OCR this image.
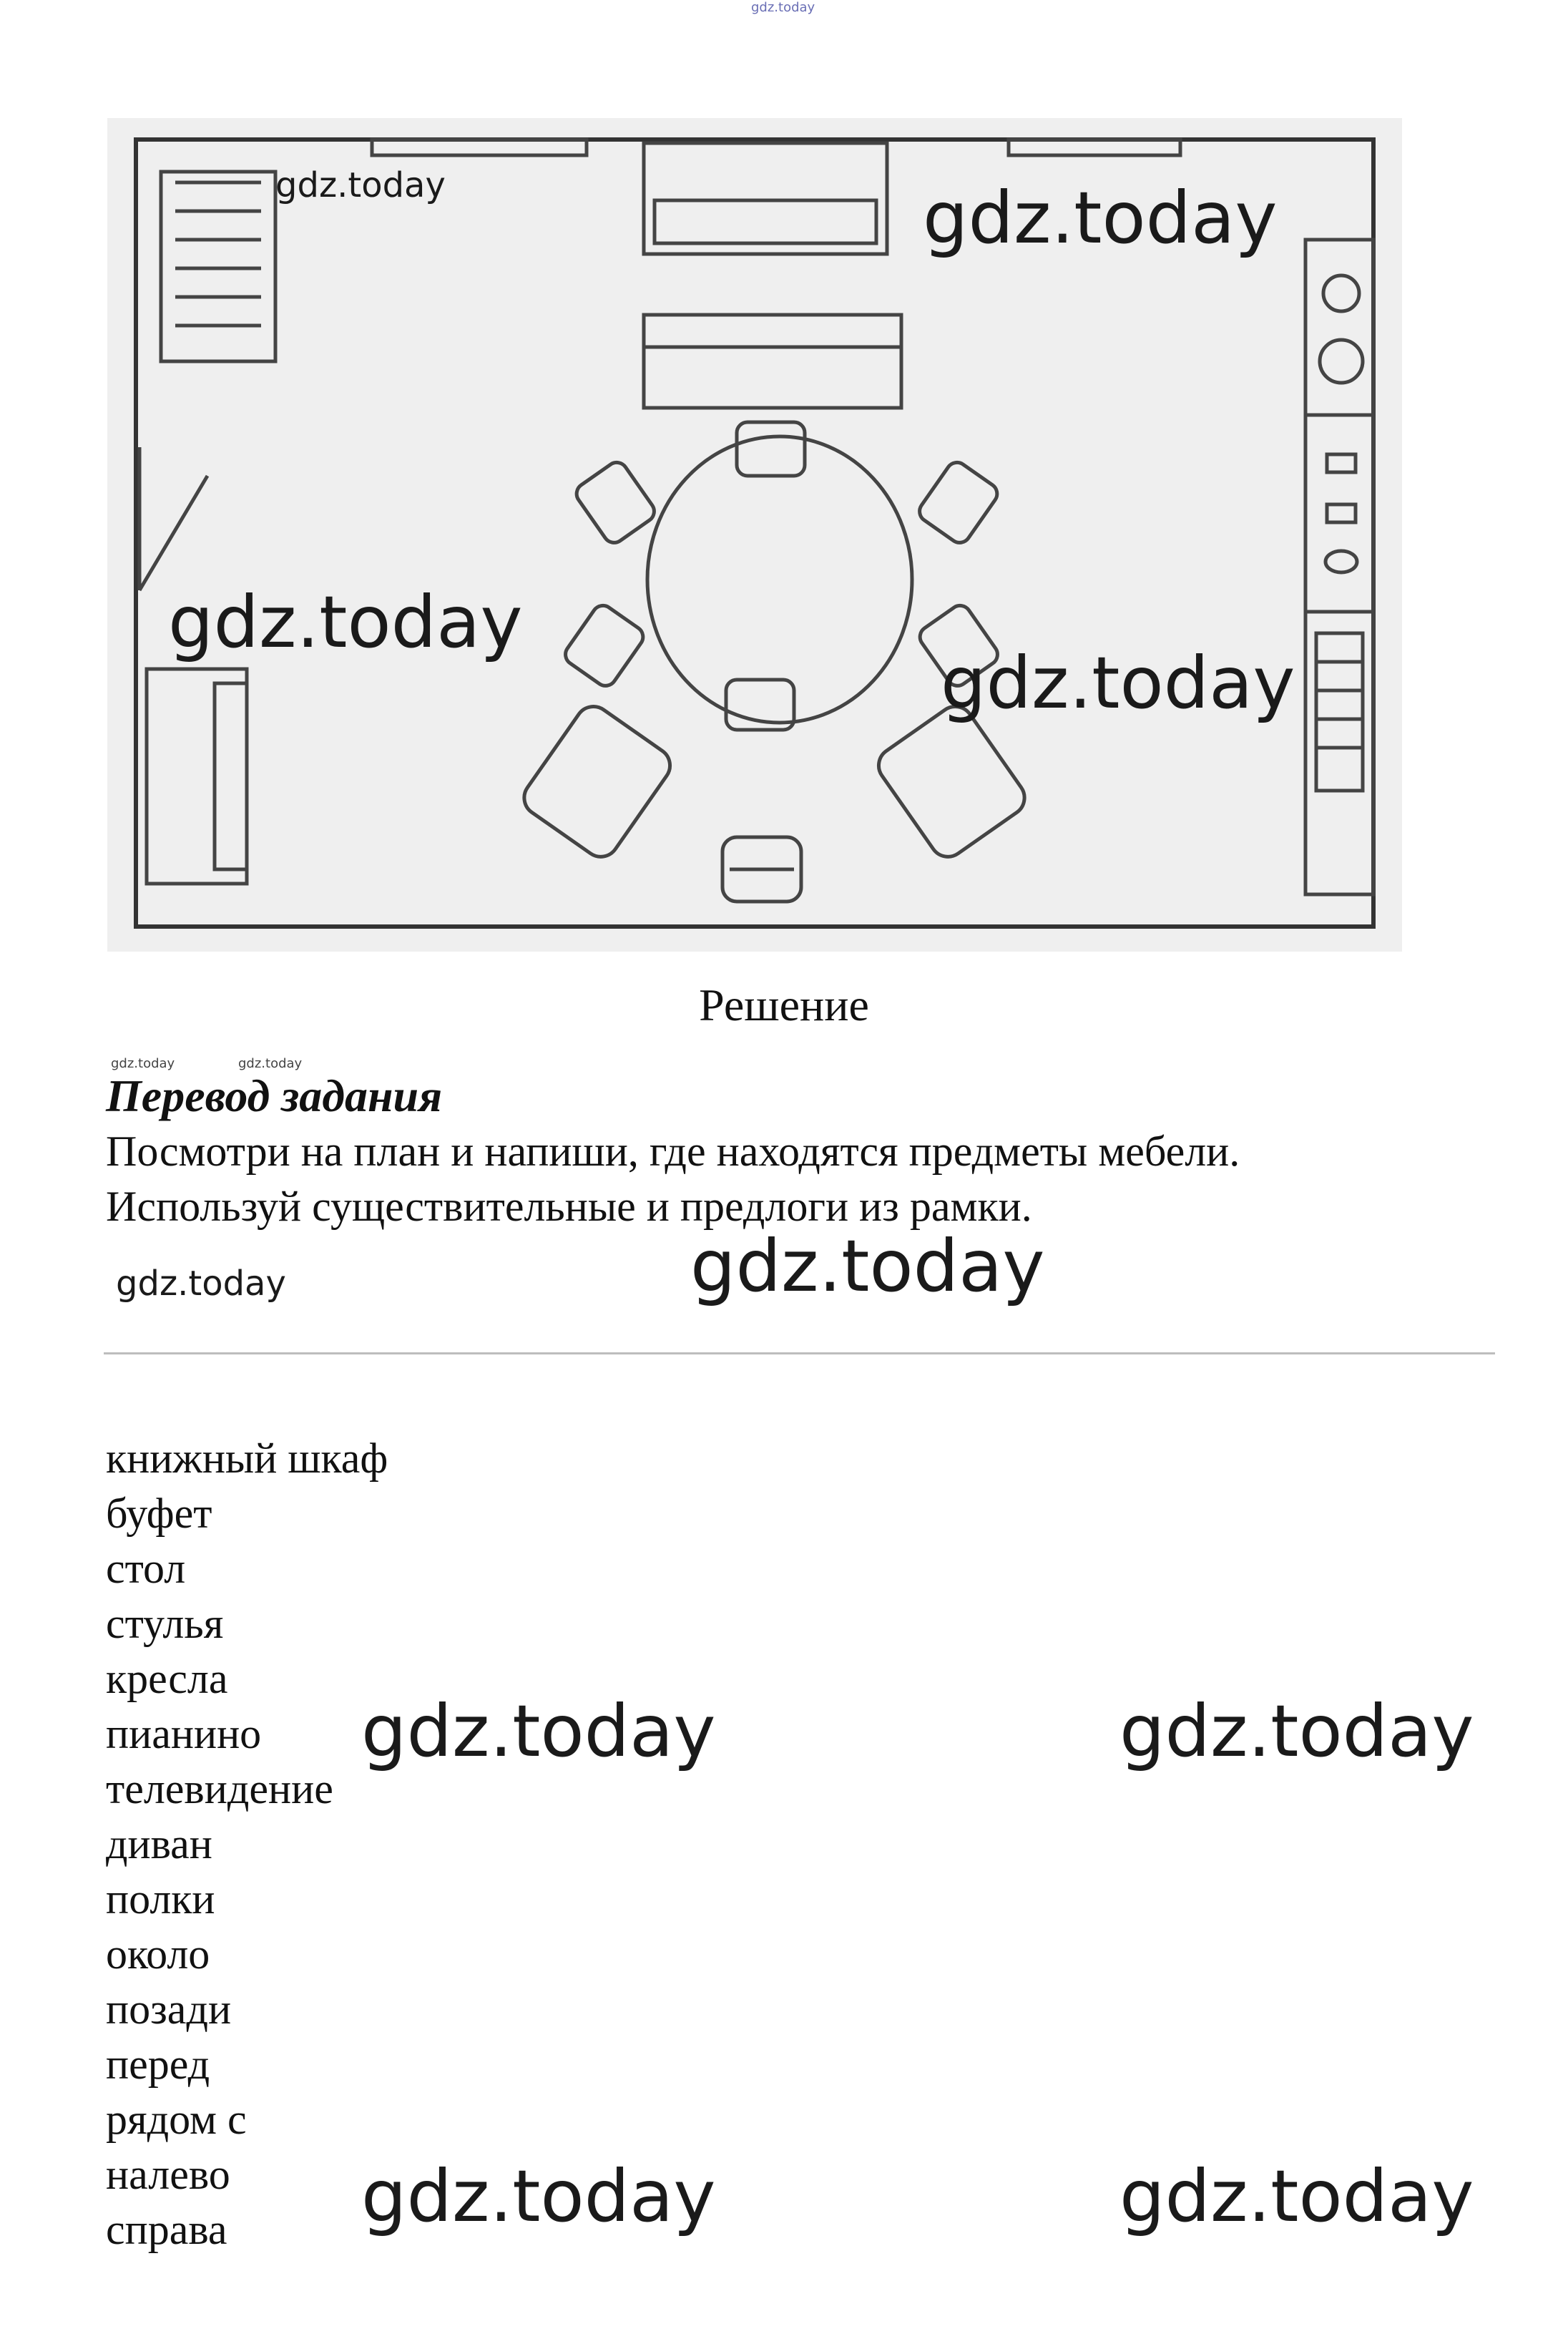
gdz.today
gdz.today	gdz.today
gdz.today
gdz.today
Решение
gdz.today	gdz.today
Перевод задания
Посмотри на план и напиши, где находятся предметы мебели.
Используй существительные и предлоги из рамки.
gdz.today	gdz.today
книжный шкаф
буфет
стол
стулья
кресла
пианино
телевидение
диван
полки
около
позади
перед
рядом с
налево
справа
gdz.today	gdz.today
gdz.today	gdz.today
